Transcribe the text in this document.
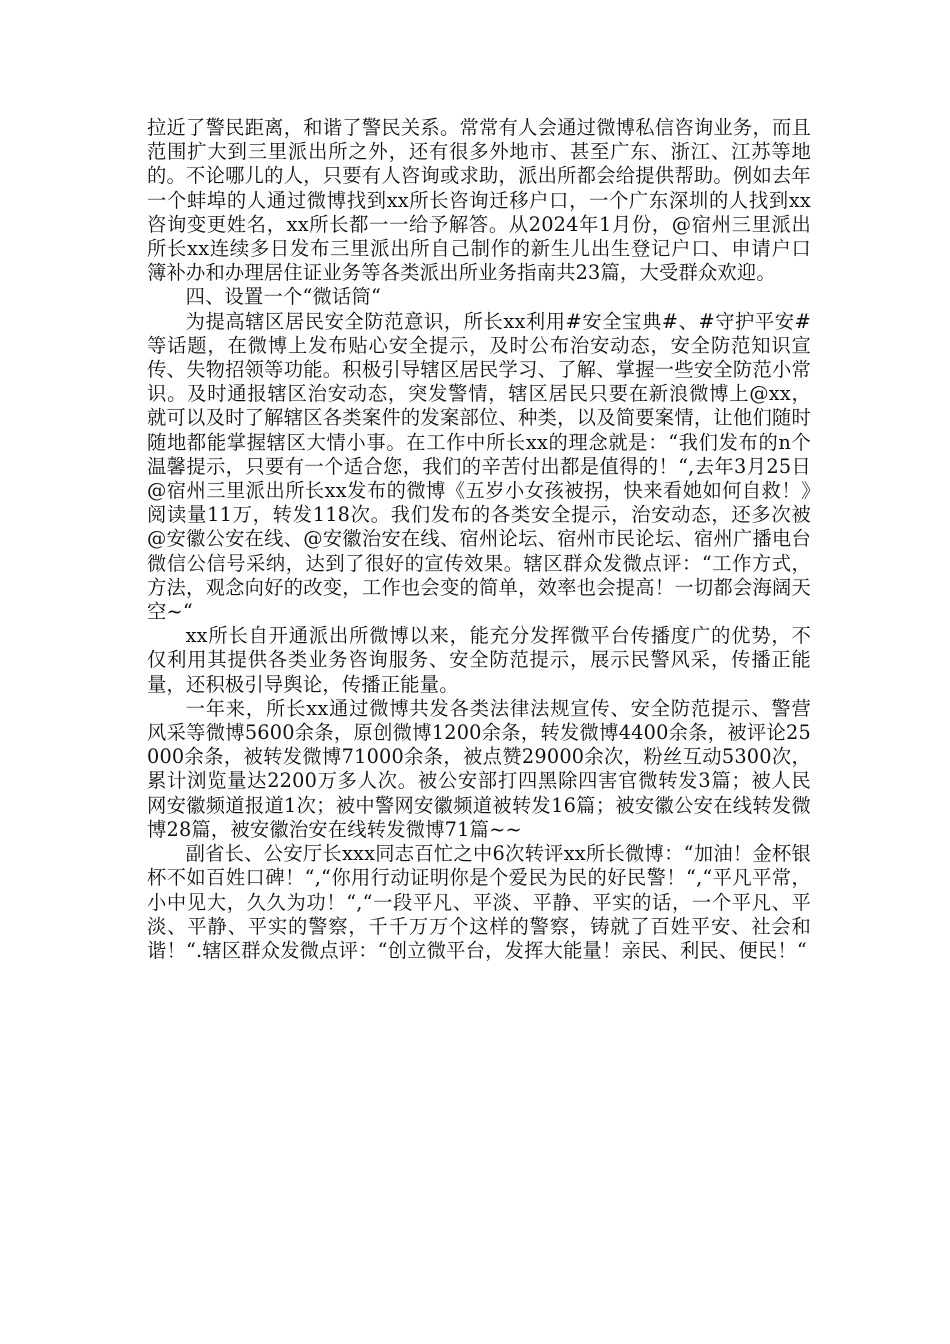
拉近了警民距离，和谐了警民关系。常常有人会通过微博私信咨询业务，而且范围扩大到三里派出所之外，还有很多外地市、甚至广东、浙江、江苏等地的。不论哪儿的人，只要有人咨询或求助，派出所都会给提供帮助。例如去年一个蚌埠的人通过微博找到xx所长咨询迁移户口，一个广东深圳的人找到xx咨询变更姓名，xx所长都一一给予解答。从2024年1月份，@宿州三里派出所长xx连续多日发布三里派出所自己制作的新生儿出生登记户口、申请户口簿补办和办理居住证业务等各类派出所业务指南共23篇，大受群众欢迎。

四、设置一个“微话筒“

为提高辖区居民安全防范意识，所长xx利用#安全宝典#、#守护平安#等话题，在微博上发布贴心安全提示，及时公布治安动态，安全防范知识宣传、失物招领等功能。积极引导辖区居民学习、了解、掌握一些安全防范小常识。及时通报辖区治安动态，突发警情，辖区居民只要在新浪微博上@xx，就可以及时了解辖区各类案件的发案部位、种类，以及简要案情，让他们随时随地都能掌握辖区大情小事。在工作中所长xx的理念就是：“我们发布的n个温馨提示，只要有一个适合您，我们的辛苦付出都是值得的！“,去年3月25日@宿州三里派出所长xx发布的微博《五岁小女孩被拐，快来看她如何自救！》阅读量11万，转发118次。我们发布的各类安全提示，治安动态，还多次被@安徽公安在线、@安徽治安在线、宿州论坛、宿州市民论坛、宿州广播电台微信公信号采纳，达到了很好的宣传效果。辖区群众发微点评：“工作方式，方法，观念向好的改变，工作也会变的简单，效率也会提高！一切都会海阔天空~“

xx所长自开通派出所微博以来，能充分发挥微平台传播度广的优势，不仅利用其提供各类业务咨询服务、安全防范提示，展示民警风采，传播正能量，还积极引导舆论，传播正能量。

一年来，所长xx通过微博共发各类法律法规宣传、安全防范提示、警营风采等微博5600余条，原创微博1200余条，转发微博4400余条，被评论25000余条，被转发微博71000余条，被点赞29000余次，粉丝互动5300次，累计浏览量达2200万多人次。被公安部打四黑除四害官微转发3篇；被人民网安徽频道报道1次；被中警网安徽频道被转发16篇；被安徽公安在线转发微博28篇，被安徽治安在线转发微博71篇~~

副省长、公安厅长xxx同志百忙之中6次转评xx所长微博：“加油！金杯银杯不如百姓口碑！“,“你用行动证明你是个爱民为民的好民警！“,“平凡平常，小中见大，久久为功！“,“一段平凡、平淡、平静、平实的话，一个平凡、平淡、平静、平实的警察，千千万万个这样的警察，铸就了百姓平安、社会和谐！“.辖区群众发微点评：“创立微平台，发挥大能量！亲民、利民、便民！“
